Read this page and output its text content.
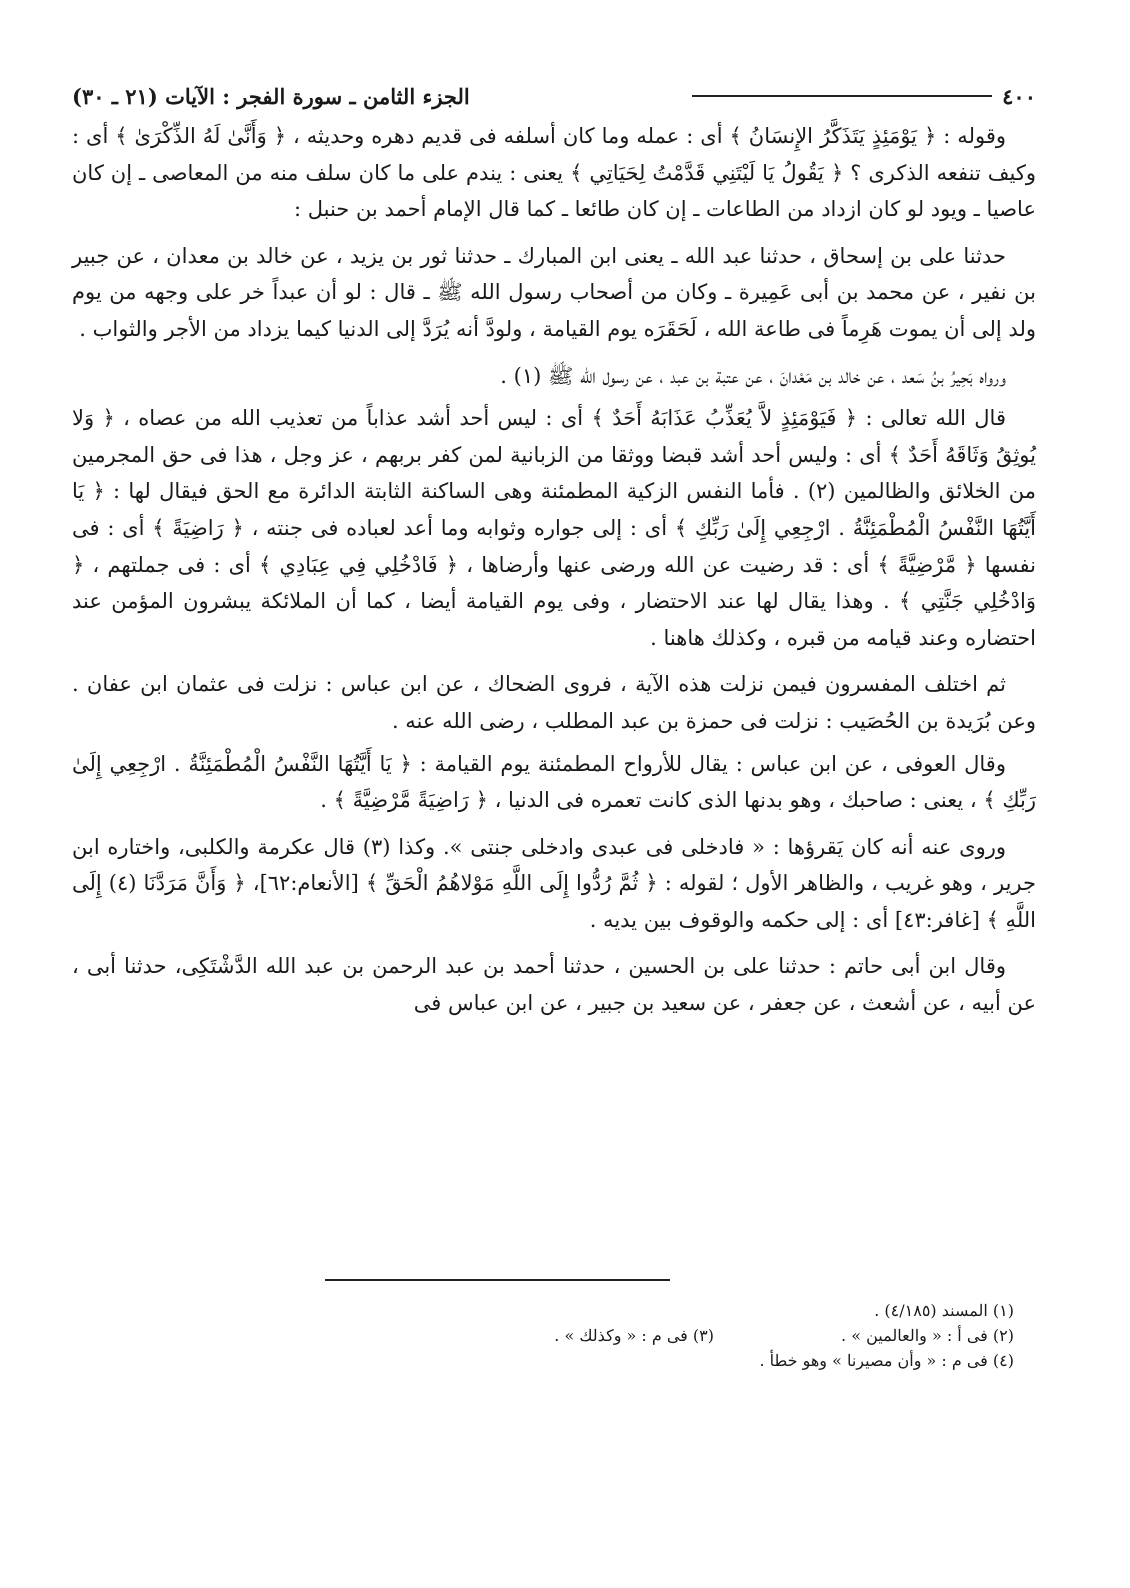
٤٠٠
الجزء الثامن ـ سورة الفجر : الآيات (٢١ ـ ٣٠)

وقوله : ﴿ يَوْمَئِذٍ يَتَذَكَّرُ الإِنسَانُ ﴾ أى : عمله وما كان أسلفه فى قديم دهره وحديثه ، ﴿ وَأَنَّىٰ لَهُ الذِّكْرَىٰ ﴾ أى : وكيف تنفعه الذكرى ؟ ﴿ يَقُولُ يَا لَيْتَنِي قَدَّمْتُ لِحَيَاتِي ﴾ يعنى : يندم على ما كان سلف منه من المعاصى ـ إن كان عاصيا ـ ويود لو كان ازداد من الطاعات ـ إن كان طائعا ـ كما قال الإمام أحمد بن حنبل :

حدثنا على بن إسحاق ، حدثنا عبد الله ـ يعنى ابن المبارك ـ حدثنا ثور بن يزيد ، عن خالد بن معدان ، عن جبير بن نفير ، عن محمد بن أبى عَمِيرة ـ وكان من أصحاب رسول الله ﷺ ـ قال : لو أن عبداً خر على وجهه من يوم ولد إلى أن يموت هَرِماً فى طاعة الله ، لَحَقَرَه يوم القيامة ، ولودَّ أنه يُرَدَّ إلى الدنيا كيما يزداد من الأجر والثواب .

ورواه بَحِيرُ بنُ سَعد ، عن خالد بن مَعْدانَ ، عن عتبة بن عبد ، عن رسول الله ﷺ (١) .

قال الله تعالى : ﴿ فَيَوْمَئِذٍ لاَّ يُعَذِّبُ عَذَابَهُ أَحَدٌ ﴾ أى : ليس أحد أشد عذاباً من تعذيب الله من عصاه ، ﴿ وَلا يُوثِقُ وَثَاقَهُ أَحَدٌ ﴾ أى : وليس أحد أشد قبضا ووثقا من الزبانية لمن كفر بربهم ، عز وجل ، هذا فى حق المجرمين من الخلائق والظالمين (٢) . فأما النفس الزكية المطمئنة وهى الساكنة الثابتة الدائرة مع الحق فيقال لها : ﴿ يَا أَيَّتُهَا النَّفْسُ الْمُطْمَئِنَّةُ . ارْجِعِي إِلَىٰ رَبِّكِ ﴾ أى : إلى جواره وثوابه وما أعد لعباده فى جنته ، ﴿ رَاضِيَةً ﴾ أى : فى نفسها ﴿ مَّرْضِيَّةً ﴾ أى : قد رضيت عن الله ورضى عنها وأرضاها ، ﴿ فَادْخُلِي فِي عِبَادِي ﴾ أى : فى جملتهم ، ﴿ وَادْخُلِي جَنَّتِي ﴾ . وهذا يقال لها عند الاحتضار ، وفى يوم القيامة أيضا ، كما أن الملائكة يبشرون المؤمن عند احتضاره وعند قيامه من قبره ، وكذلك هاهنا .

ثم اختلف المفسرون فيمن نزلت هذه الآية ، فروى الضحاك ، عن ابن عباس : نزلت فى عثمان ابن عفان . وعن بُرَيدة بن الحُصَيب : نزلت فى حمزة بن عبد المطلب ، رضى الله عنه .

وقال العوفى ، عن ابن عباس : يقال للأرواح المطمئنة يوم القيامة : ﴿ يَا أَيَّتُهَا النَّفْسُ الْمُطْمَئِنَّةُ . ارْجِعِي إِلَىٰ رَبِّكِ ﴾ ، يعنى : صاحبك ، وهو بدنها الذى كانت تعمره فى الدنيا ، ﴿ رَاضِيَةً مَّرْضِيَّةً ﴾ .

وروى عنه أنه كان يَقرؤها : « فادخلى فى عبدى وادخلى جنتى ». وكذا (٣) قال عكرمة والكلبى، واختاره ابن جرير ، وهو غريب ، والظاهر الأول ؛ لقوله : ﴿ ثُمَّ رُدُّوا إِلَى اللَّهِ مَوْلاهُمُ الْحَقِّ ﴾ [الأنعام:٦٢]، ﴿ وَأَنَّ مَرَدَّنَا (٤) إِلَى اللَّهِ ﴾ [غافر:٤٣] أى : إلى حكمه والوقوف بين يديه .

وقال ابن أبى حاتم : حدثنا على بن الحسين ، حدثنا أحمد بن عبد الرحمن بن عبد الله الدَّشْتَكِى، حدثنا أبى ، عن أبيه ، عن أشعث ، عن جعفر ، عن سعيد بن جبير ، عن ابن عباس فى

(١) المسند (٤/١٨٥) .
(٢) فى أ : « والعالمين » .
(٣) فى م : « وكذلك » .
(٤) فى م : « وأن مصيرنا » وهو خطأ .
